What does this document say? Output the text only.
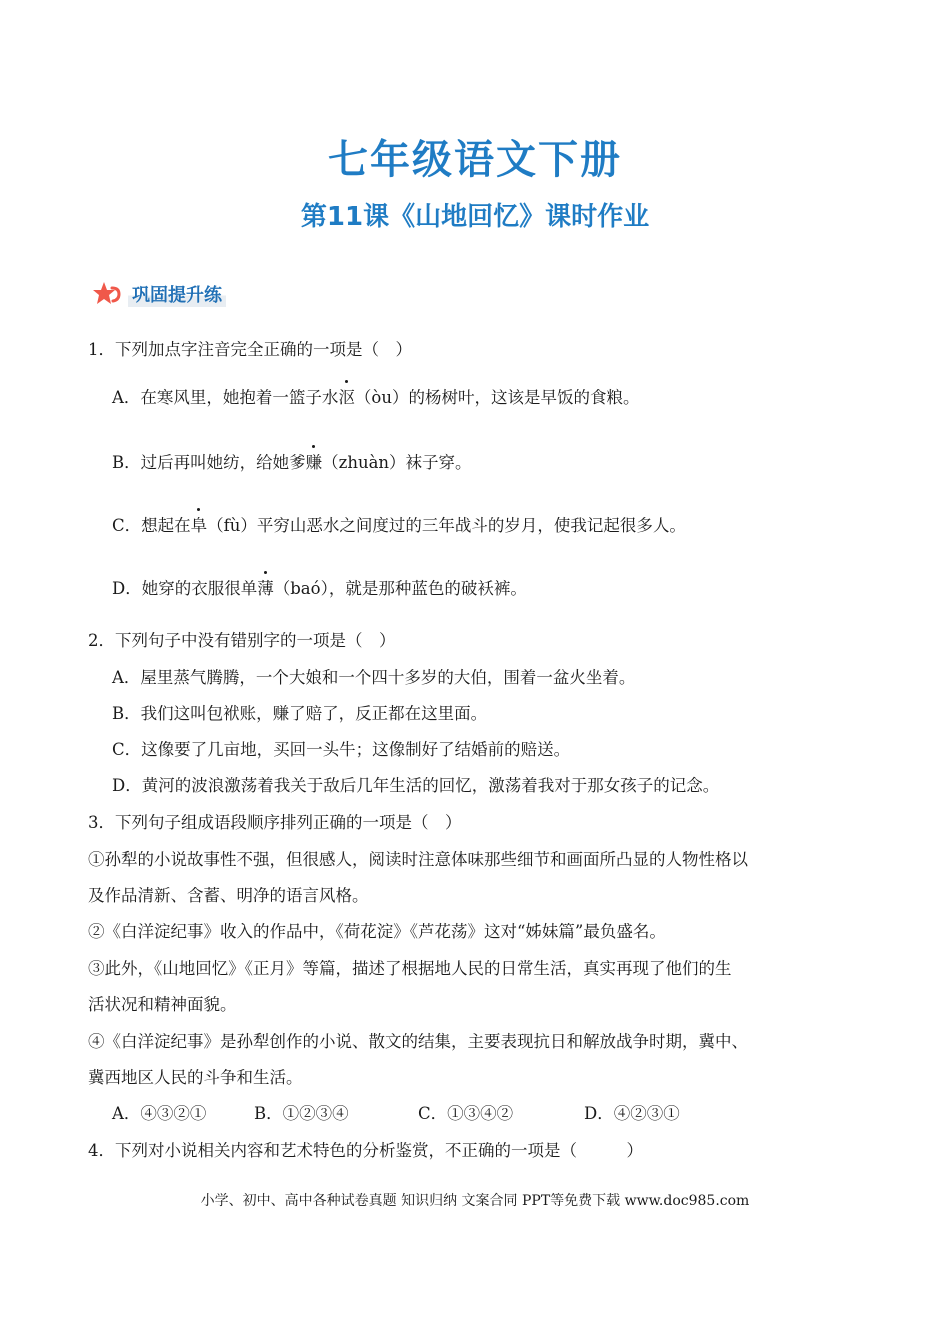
七年级语文下册
第11课《山地回忆》课时作业
巩固提升练
1．下列加点字注音完全正确的一项是（　）
A．在寒风里，她抱着一篮子水沤（òu）的杨树叶，这该是早饭的食粮。
B．过后再叫她纺，给她爹赚（zhuàn）袜子穿。
C．想起在阜（fù）平穷山恶水之间度过的三年战斗的岁月，使我记起很多人。
D．她穿的衣服很单薄（baó），就是那种蓝色的破袄裤。
2．下列句子中没有错别字的一项是（　）
A．屋里蒸气腾腾，一个大娘和一个四十多岁的大伯，围着一盆火坐着。
B．我们这叫包袱账，赚了赔了，反正都在这里面。
C．这像要了几亩地，买回一头牛；这像制好了结婚前的赔送。
D．黄河的波浪激荡着我关于敌后几年生活的回忆，激荡着我对于那女孩子的记念。
3．下列句子组成语段顺序排列正确的一项是（　）
①孙犁的小说故事性不强，但很感人，阅读时注意体味那些细节和画面所凸显的人物性格以
及作品清新、含蓄、明净的语言风格。
②《白洋淀纪事》收入的作品中，《荷花淀》《芦花荡》这对“姊妹篇”最负盛名。
③此外，《山地回忆》《正月》等篇，描述了根据地人民的日常生活，真实再现了他们的生
活状况和精神面貌。
④《白洋淀纪事》是孙犁创作的小说、散文的结集，主要表现抗日和解放战争时期，冀中、
冀西地区人民的斗争和生活。
A．④③②①	B．①②③④	C．①③④②	D．④②③①
4．下列对小说相关内容和艺术特色的分析鉴赏，不正确的一项是（　　　）
小学、初中、高中各种试卷真题 知识归纳 文案合同 PPT等免费下载 www.doc985.com
